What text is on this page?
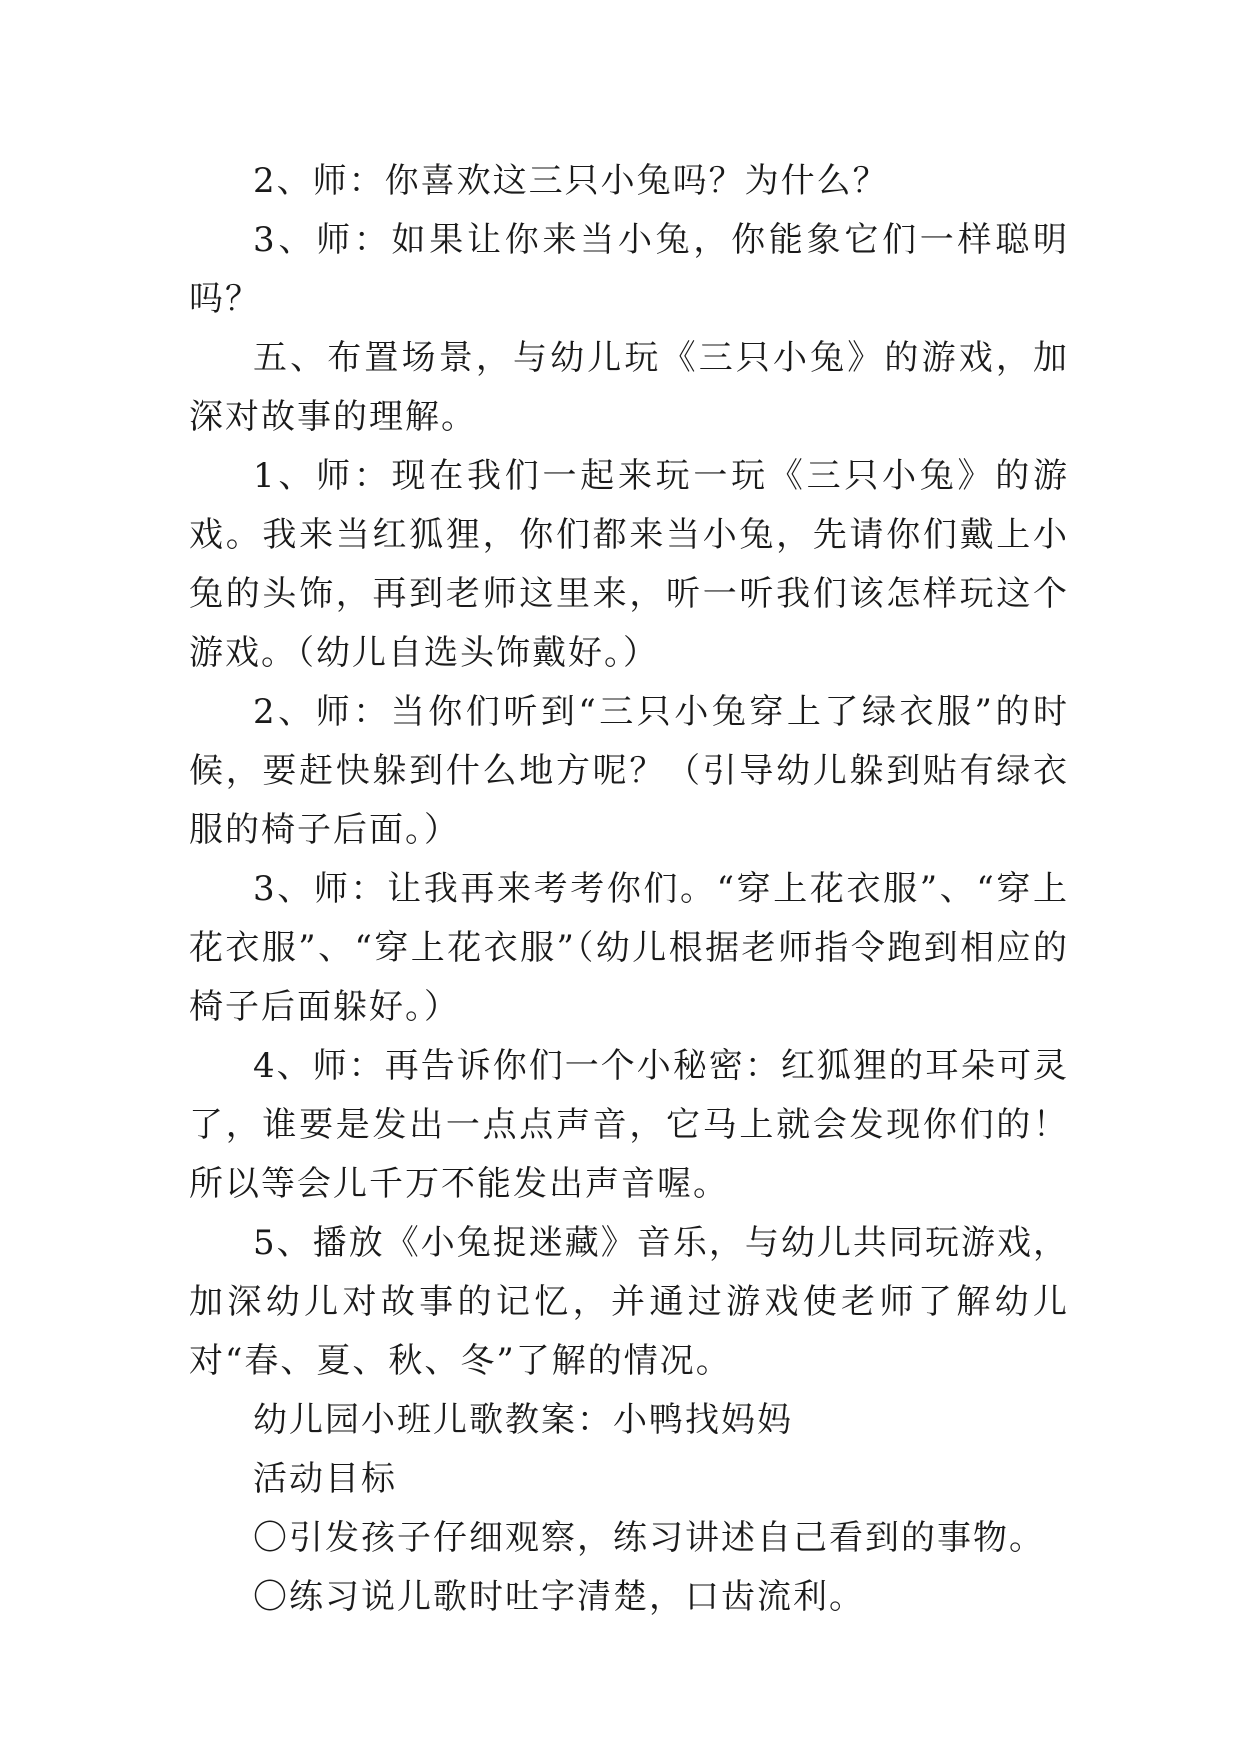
2、师：你喜欢这三只小兔吗？为什么？

3、师：如果让你来当小兔，你能象它们一样聪明吗？

五、布置场景，与幼儿玩《三只小兔》的游戏，加深对故事的理解。

1、师：现在我们一起来玩一玩《三只小兔》的游戏。我来当红狐狸，你们都来当小兔，先请你们戴上小兔的头饰，再到老师这里来，听一听我们该怎样玩这个游戏。（幼儿自选头饰戴好。）

2、师：当你们听到“三只小兔穿上了绿衣服”的时候，要赶快躲到什么地方呢？（引导幼儿躲到贴有绿衣服的椅子后面。）

3、师：让我再来考考你们。“穿上花衣服”、“穿上花衣服”、“穿上花衣服”（幼儿根据老师指令跑到相应的椅子后面躲好。）

4、师：再告诉你们一个小秘密：红狐狸的耳朵可灵了，谁要是发出一点点声音，它马上就会发现你们的！所以等会儿千万不能发出声音喔。

5、播放《小兔捉迷藏》音乐，与幼儿共同玩游戏，加深幼儿对故事的记忆，并通过游戏使老师了解幼儿对“春、夏、秋、冬”了解的情况。

幼儿园小班儿歌教案：小鸭找妈妈

活动目标

〇引发孩子仔细观察，练习讲述自己看到的事物。

〇练习说儿歌时吐字清楚，口齿流利。
